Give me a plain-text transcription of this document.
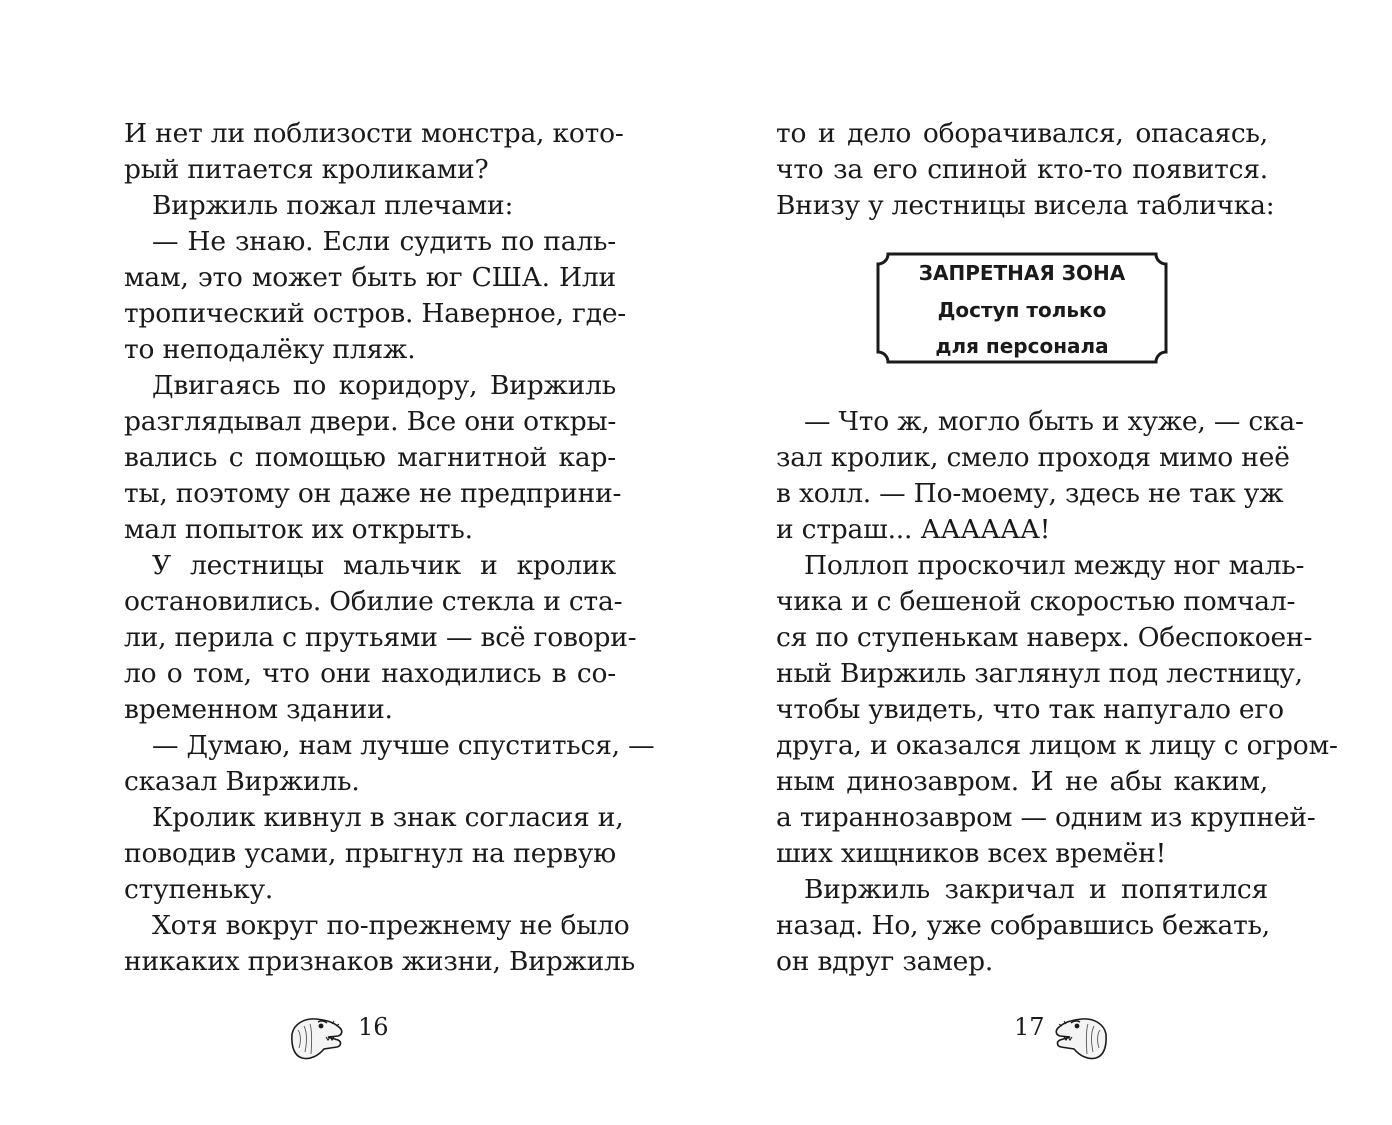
И нет ли поблизости монстра, кото-
рый питается кроликами?
Виржиль пожал плечами:
— Не знаю. Если судить по паль-
мам, это может быть юг США. Или
тропический остров. Наверное, где-
то неподалёку пляж.
Двигаясь по коридору, Виржиль
разглядывал двери. Все они откры-
вались с помощью магнитной кар-
ты, поэтому он даже не предприни-
мал попыток их открыть.
У лестницы мальчик и кролик
остановились. Обилие стекла и ста-
ли, перила с прутьями — всё говори-
ло о том, что они находились в со-
временном здании.
— Думаю, нам лучше спуститься, —
сказал Виржиль.
Кролик кивнул в знак согласия и,
поводив усами, прыгнул на первую
ступеньку.
Хотя вокруг по-прежнему не было
никаких признаков жизни, Виржиль
16
то и дело оборачивался, опасаясь,
что за его спиной кто-то появится.
Внизу у лестницы висела табличка:
ЗАПРЕТНАЯ ЗОНА
Доступ только
для персонала
— Что ж, могло быть и хуже, — ска-
зал кролик, смело проходя мимо неё
в холл. — По-моему, здесь не так уж
и страш... АААААА!
Поллоп проскочил между ног маль-
чика и с бешеной скоростью помчал-
ся по ступенькам наверх. Обеспокоен-
ный Виржиль заглянул под лестницу,
чтобы увидеть, что так напугало его
друга, и оказался лицом к лицу с огром-
ным динозавром. И не абы каким,
а тираннозавром — одним из крупней-
ших хищников всех времён!
Виржиль закричал и попятился
назад. Но, уже собравшись бежать,
он вдруг замер.
17
